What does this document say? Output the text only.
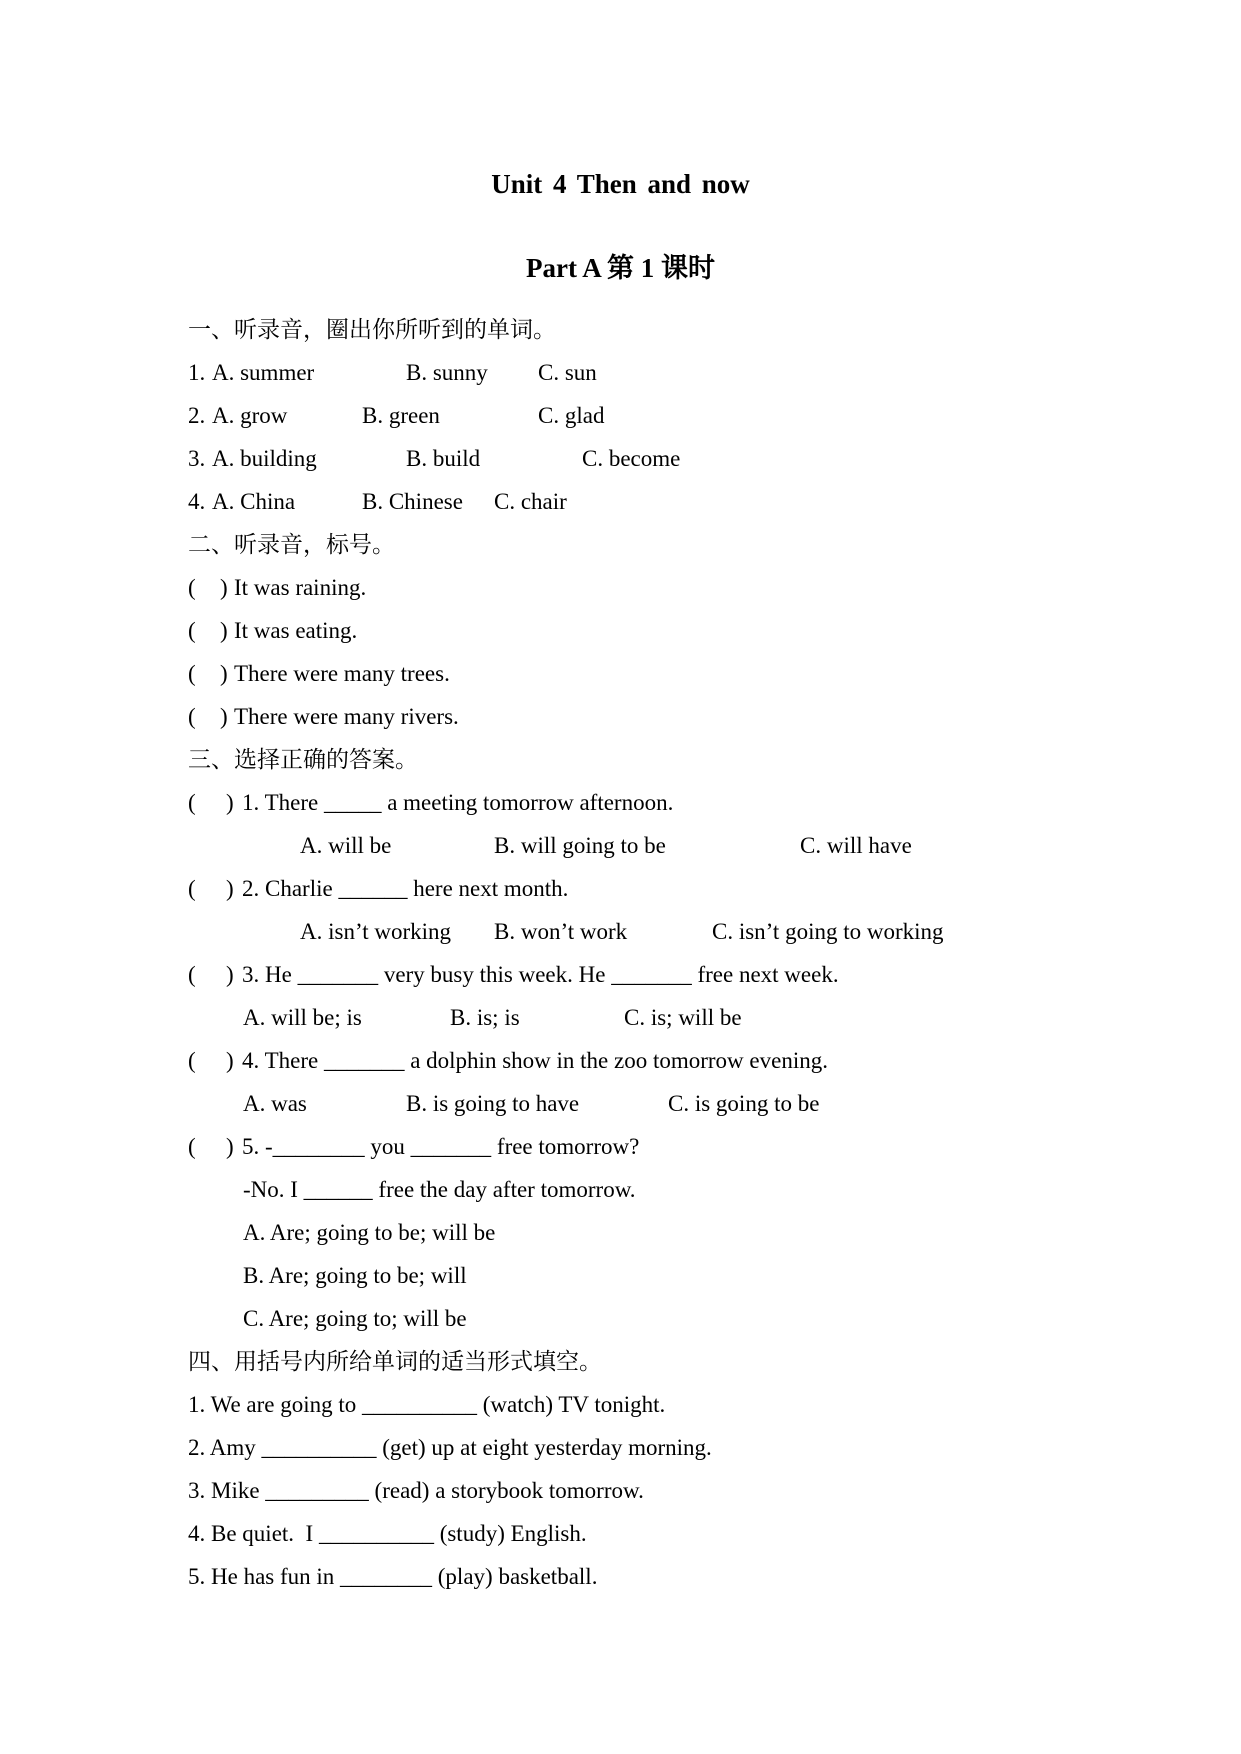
Unit 4 Then and now
Part A 第 1 课时
一、听录音，圈出你所听到的单词。

1.

A. summer

	B. sunny

C. sun

2.

A. grow

	B. green

	C. glad

3.

A. building

	B. build

	C. become

4.

A. China

	B. Chinese

C. chair

二、听录音，标号。

(

)

It was raining.

(

)

It was eating.

(

)

There were many trees.

(

)

There were many rivers.

三、选择正确的答案。

(

)

1. There _____ a meeting tomorrow afternoon.

A. will be

	B. will going to be

	C. will have

(

)

2. Charlie ______ here next month.

A. isn’t working

B. won’t work

	C. isn’t going to working

(

)

3. He _______ very busy this week. He _______ free next week.

A. will be; is

	B. is; is

	C. is; will be

(

)

4. There _______ a dolphin show in the zoo tomorrow evening.

A. was

	B. is going to have

	C. is going to be

(

)

5. -________ you _______ free tomorrow?

-No. I ______ free the day after tomorrow.

A. Are; going to be; will be

B. Are; going to be; will

C. Are; going to; will be

四、用括号内所给单词的适当形式填空。
1. We are going to __________ (watch) TV tonight.
2. Amy __________ (get) up at eight yesterday morning.
3. Mike _________ (read) a storybook tomorrow.
4. Be quiet.  I __________ (study) English.
5. He has fun in ________ (play) basketball.
